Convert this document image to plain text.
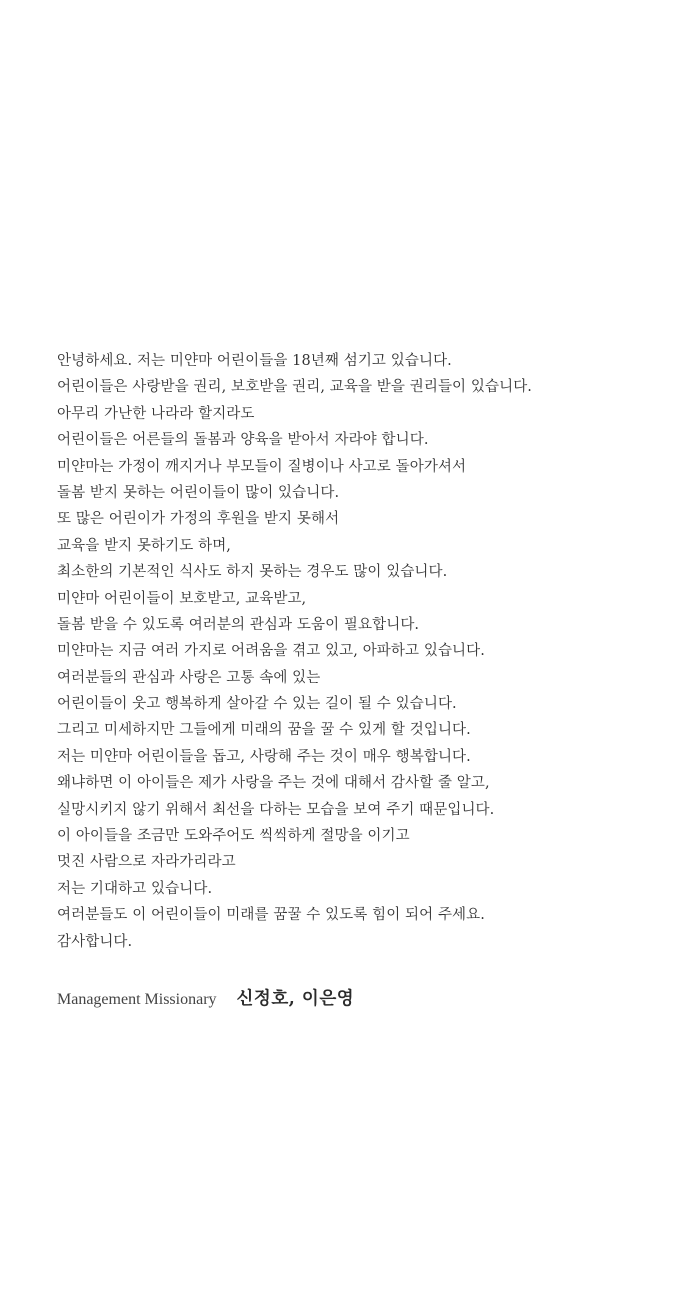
안녕하세요. 저는 미얀마 어린이들을 18년째 섬기고 있습니다.
어린이들은 사랑받을 권리, 보호받을 권리, 교육을 받을 권리들이 있습니다.
아무리 가난한 나라라 할지라도
어린이들은 어른들의 돌봄과 양육을 받아서 자라야 합니다.
미얀마는 가정이 깨지거나 부모들이 질병이나 사고로 돌아가셔서
돌봄 받지 못하는 어린이들이 많이 있습니다.
또 많은 어린이가 가정의 후원을 받지 못해서
교육을 받지 못하기도 하며,
최소한의 기본적인 식사도 하지 못하는 경우도 많이 있습니다.
미얀마 어린이들이 보호받고, 교육받고,
돌봄 받을 수 있도록 여러분의 관심과 도움이 필요합니다.
미얀마는 지금 여러 가지로 어려움을 겪고 있고, 아파하고 있습니다.
여러분들의 관심과 사랑은 고통 속에 있는
어린이들이 웃고 행복하게 살아갈 수 있는 길이 될 수 있습니다.
그리고 미세하지만 그들에게 미래의 꿈을 꿀 수 있게 할 것입니다.
저는 미얀마 어린이들을 돕고, 사랑해 주는 것이 매우 행복합니다.
왜냐하면 이 아이들은 제가 사랑을 주는 것에 대해서 감사할 줄 알고,
실망시키지 않기 위해서 최선을 다하는 모습을 보여 주기 때문입니다.
이 아이들을 조금만 도와주어도 씩씩하게 절망을 이기고
멋진 사람으로 자라가리라고
저는 기대하고 있습니다.
여러분들도 이 어린이들이 미래를 꿈꿀 수 있도록 힘이 되어 주세요.
감사합니다.
Management Missionary 신정호, 이은영
